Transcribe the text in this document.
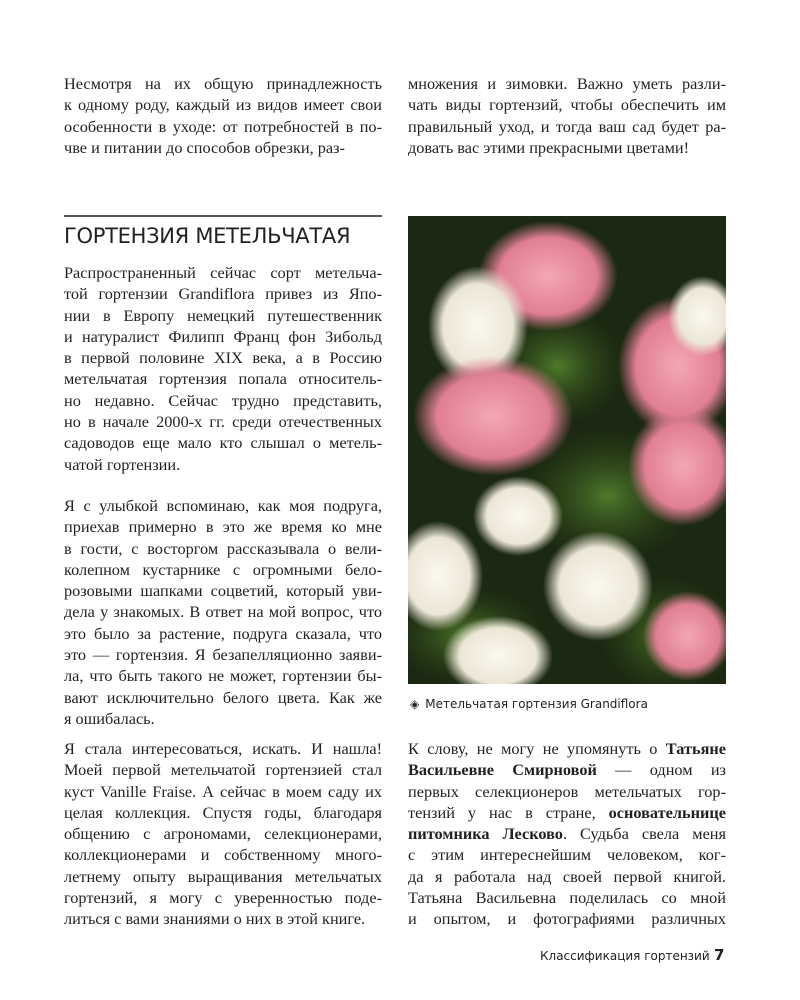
Несмотря на их общую принадлежность
к одному роду, каждый из видов имеет свои
особенности в уходе: от потребностей в по-
чве и питании до способов обрезки, раз-
множения и зимовки. Важно уметь разли-
чать виды гортензий, чтобы обеспечить им
правильный уход, и тогда ваш сад будет ра-
довать вас этими прекрасными цветами!
ГОРТЕНЗИЯ МЕТЕЛЬЧАТАЯ
Распространенный сейчас сорт метельча-
той гортензии Grandiflora привез из Япо-
нии в Европу немецкий путешественник
и натуралист Филипп Франц фон Зибольд
в первой половине XIX века, а в Россию
метельчатая гортензия попала относитель-
но недавно. Сейчас трудно представить,
но в начале 2000-х гг. среди отечественных
садоводов еще мало кто слышал о метель-
чатой гортензии.
Я с улыбкой вспоминаю, как моя подруга,
приехав примерно в это же время ко мне
в гости, с восторгом рассказывала о вели-
колепном кустарнике с огромными бело-
розовыми шапками соцветий, который уви-
дела у знакомых. В ответ на мой вопрос, что
это было за растение, подруга сказала, что
это — гортензия. Я безапелляционно заяви-
ла, что быть такого не может, гортензии бы-
вают исключительно белого цвета. Как же
я ошибалась.
◈ Метельчатая гортензия Grandiflora
Я стала интересоваться, искать. И нашла!
Моей первой метельчатой гортензией стал
куст Vanille Fraise. А сейчас в моем саду их
целая коллекция. Спустя годы, благодаря
общению с агрономами, селекционерами,
коллекционерами и собственному много-
летнему опыту выращивания метельчатых
гортензий, я могу с уверенностью поде-
литься с вами знаниями о них в этой книге.
К слову, не могу не упомянуть о Татьяне
Васильевне Смирновой — одном из
первых селекционеров метельчатых гор-
тензий у нас в стране, основательнице
питомника Лесково. Судьба свела меня
с этим интереснейшим человеком, ког-
да я работала над своей первой книгой.
Татьяна Васильевна поделилась со мной
и опытом, и фотографиями различных
Классификация гортензий 7
